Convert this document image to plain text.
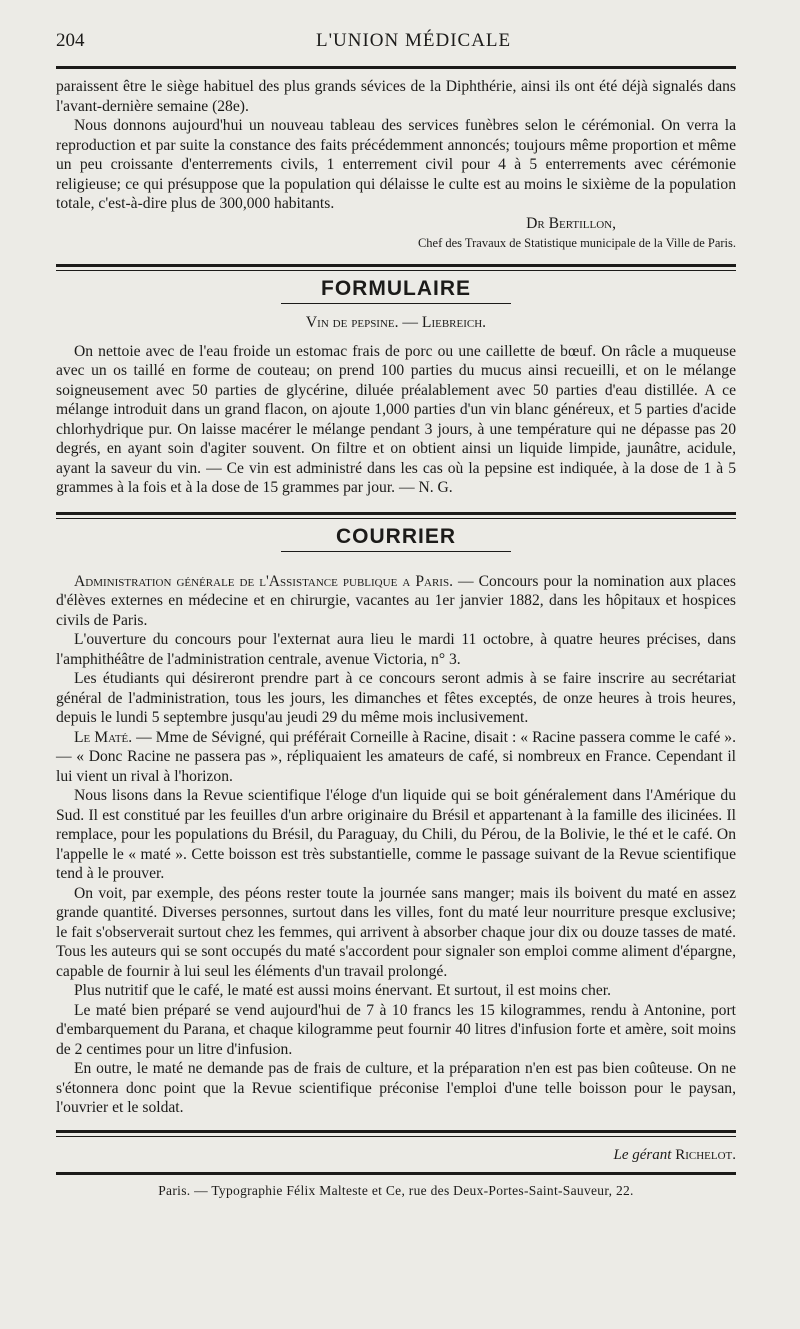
204	L'UNION MÉDICALE

paraissent être le siège habituel des plus grands sévices de la Diphthérie, ainsi ils ont été déjà signalés dans l'avant-dernière semaine (28e).

Nous donnons aujourd'hui un nouveau tableau des services funèbres selon le cérémonial. On verra la reproduction et par suite la constance des faits précédemment annoncés; toujours même proportion et même un peu croissante d'enterrements civils, 1 enterrement civil pour 4 à 5 enterrements avec cérémonie religieuse; ce qui présuppose que la population qui délaisse le culte est au moins le sixième de la population totale, c'est-à-dire plus de 300,000 habitants.

Dr Bertillon,
Chef des Travaux de Statistique municipale de la Ville de Paris.
FORMULAIRE
Vin de pepsine. — Liebreich.

On nettoie avec de l'eau froide un estomac frais de porc ou une caillette de bœuf. On râcle a muqueuse avec un os taillé en forme de couteau; on prend 100 parties du mucus ainsi recueilli, et on le mélange soigneusement avec 50 parties de glycérine, diluée préalablement avec 50 parties d'eau distillée. A ce mélange introduit dans un grand flacon, on ajoute 1,000 parties d'un vin blanc généreux, et 5 parties d'acide chlorhydrique pur. On laisse macérer le mélange pendant 3 jours, à une température qui ne dépasse pas 20 degrés, en ayant soin d'agiter souvent. On filtre et on obtient ainsi un liquide limpide, jaunâtre, acidule, ayant la saveur du vin. — Ce vin est administré dans les cas où la pepsine est indiquée, à la dose de 1 à 5 grammes à la fois et à la dose de 15 grammes par jour. — N. G.

COURRIER

Administration générale de l'Assistance publique a Paris. — Concours pour la nomination aux places d'élèves externes en médecine et en chirurgie, vacantes au 1er janvier 1882, dans les hôpitaux et hospices civils de Paris.

L'ouverture du concours pour l'externat aura lieu le mardi 11 octobre, à quatre heures précises, dans l'amphithéâtre de l'administration centrale, avenue Victoria, n° 3.

Les étudiants qui désireront prendre part à ce concours seront admis à se faire inscrire au secrétariat général de l'administration, tous les jours, les dimanches et fêtes exceptés, de onze heures à trois heures, depuis le lundi 5 septembre jusqu'au jeudi 29 du même mois inclusivement.

Le Maté. — Mme de Sévigné, qui préférait Corneille à Racine, disait : « Racine passera comme le café ». — « Donc Racine ne passera pas », répliquaient les amateurs de café, si nombreux en France. Cependant il lui vient un rival à l'horizon.

Nous lisons dans la Revue scientifique l'éloge d'un liquide qui se boit généralement dans l'Amérique du Sud. Il est constitué par les feuilles d'un arbre originaire du Brésil et appartenant à la famille des ilicinées. Il remplace, pour les populations du Brésil, du Paraguay, du Chili, du Pérou, de la Bolivie, le thé et le café. On l'appelle le « maté ». Cette boisson est très substantielle, comme le passage suivant de la Revue scientifique tend à le prouver.

On voit, par exemple, des péons rester toute la journée sans manger; mais ils boivent du maté en assez grande quantité. Diverses personnes, surtout dans les villes, font du maté leur nourriture presque exclusive; le fait s'observerait surtout chez les femmes, qui arrivent à absorber chaque jour dix ou douze tasses de maté. Tous les auteurs qui se sont occupés du maté s'accordent pour signaler son emploi comme aliment d'épargne, capable de fournir à lui seul les éléments d'un travail prolongé.

Plus nutritif que le café, le maté est aussi moins énervant. Et surtout, il est moins cher.

Le maté bien préparé se vend aujourd'hui de 7 à 10 francs les 15 kilogrammes, rendu à Antonine, port d'embarquement du Parana, et chaque kilogramme peut fournir 40 litres d'infusion forte et amère, soit moins de 2 centimes pour un litre d'infusion.

En outre, le maté ne demande pas de frais de culture, et la préparation n'en est pas bien coûteuse. On ne s'étonnera donc point que la Revue scientifique préconise l'emploi d'une telle boisson pour le paysan, l'ouvrier et le soldat.

Le gérant Richelot.
Paris. — Typographie Félix Malteste et Ce, rue des Deux-Portes-Saint-Sauveur, 22.
